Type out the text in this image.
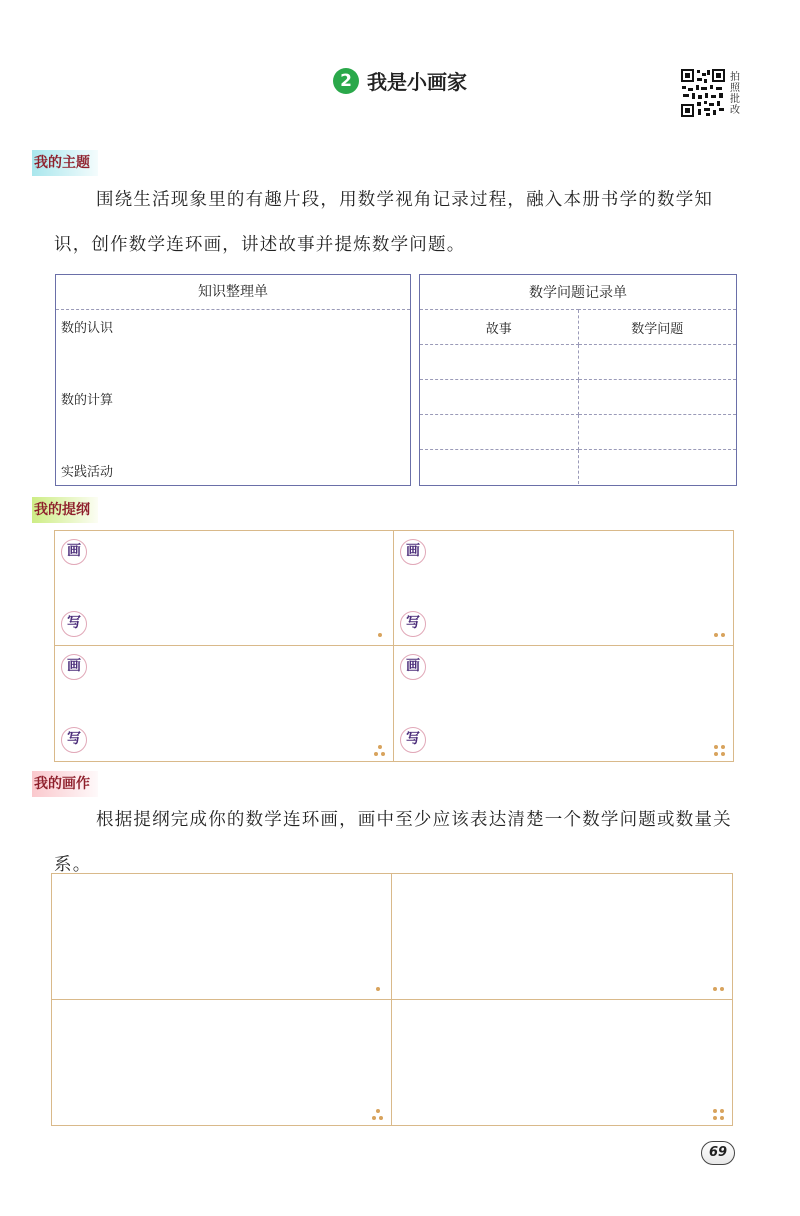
2 我是小画家	拍照批改
我的主题
围绕生活现象里的有趣片段，用数学视角记录过程，融入本册书学的数学知识，创作数学连环画，讲述故事并提炼数学问题。
知识整理单
数的认识
数的计算
实践活动
数学问题记录单	
故事	数学问题

我的提纲
画
写
画
写
画
写
画
写
我的画作
根据提纲完成你的数学连环画，画中至少应该表达清楚一个数学问题或数量关系。
69
